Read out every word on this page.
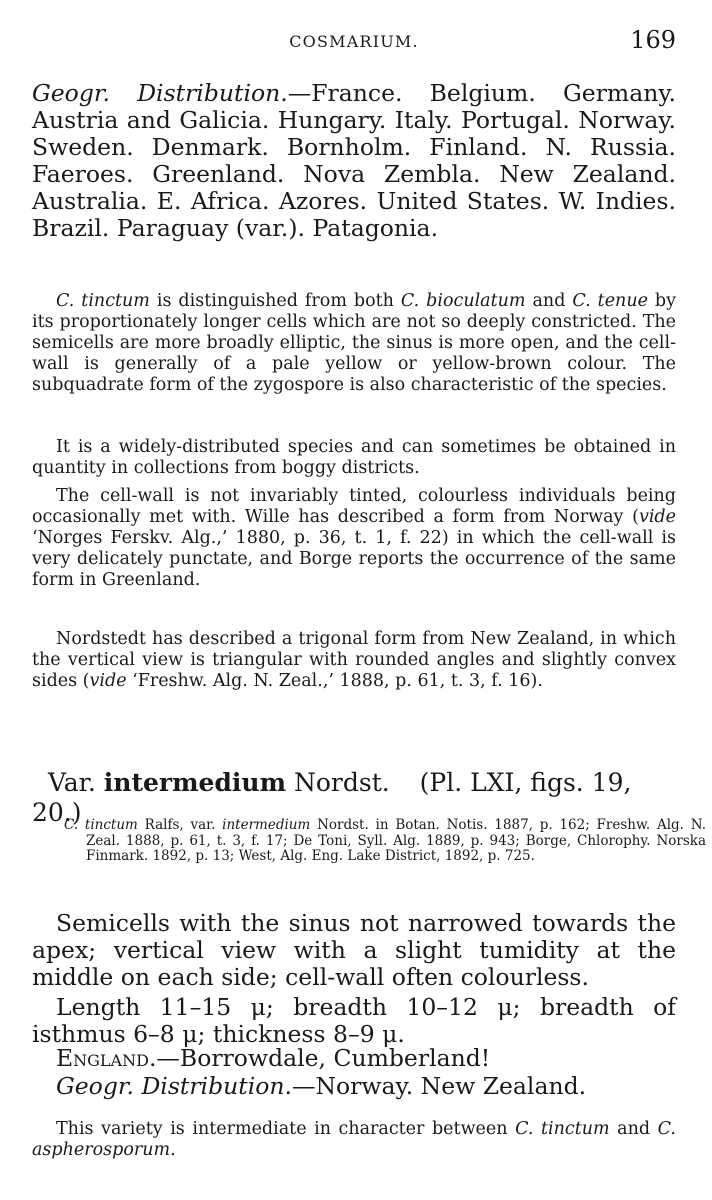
COSMARIUM.	169

Geogr. Distribution.—France. Belgium. Germany. Austria and Galicia. Hungary. Italy. Portugal. Norway. Sweden. Denmark. Bornholm. Finland. N. Russia. Faeroes. Greenland. Nova Zembla. New Zealand. Australia. E. Africa. Azores. United States. W. Indies. Brazil. Paraguay (var.). Patagonia.

C. tinctum is distinguished from both C. bioculatum and C. tenue by its proportionately longer cells which are not so deeply constricted. The semicells are more broadly elliptic, the sinus is more open, and the cell-wall is generally of a pale yellow or yellow-brown colour. The subquadrate form of the zygospore is also characteristic of the species.

It is a widely-distributed species and can sometimes be obtained in quantity in collections from boggy districts.

The cell-wall is not invariably tinted, colourless individuals being occasionally met with. Wille has described a form from Norway (vide ‘Norges Ferskv. Alg.,’ 1880, p. 36, t. 1, f. 22) in which the cell-wall is very delicately punctate, and Borge reports the occurrence of the same form in Greenland.

Nordstedt has described a trigonal form from New Zealand, in which the vertical view is triangular with rounded angles and slightly convex sides (vide ‘Freshw. Alg. N. Zeal.,’ 1888, p. 61, t. 3, f. 16).

Var. intermedium Nordst. (Pl. LXI, figs. 19, 20.)

C. tinctum Ralfs, var. intermedium Nordst. in Botan. Notis. 1887, p. 162; Freshw. Alg. N. Zeal. 1888, p. 61, t. 3, f. 17; De Toni, Syll. Alg. 1889, p. 943; Borge, Chlorophy. Norska Finmark. 1892, p. 13; West, Alg. Eng. Lake District, 1892, p. 725.

Semicells with the sinus not narrowed towards the apex; vertical view with a slight tumidity at the middle on each side; cell-wall often colourless.

Length 11–15 μ; breadth 10–12 μ; breadth of isthmus 6–8 μ; thickness 8–9 μ.

England.—Borrowdale, Cumberland!

Geogr. Distribution.—Norway. New Zealand.

This variety is intermediate in character between C. tinctum and C. aspherosporum.
